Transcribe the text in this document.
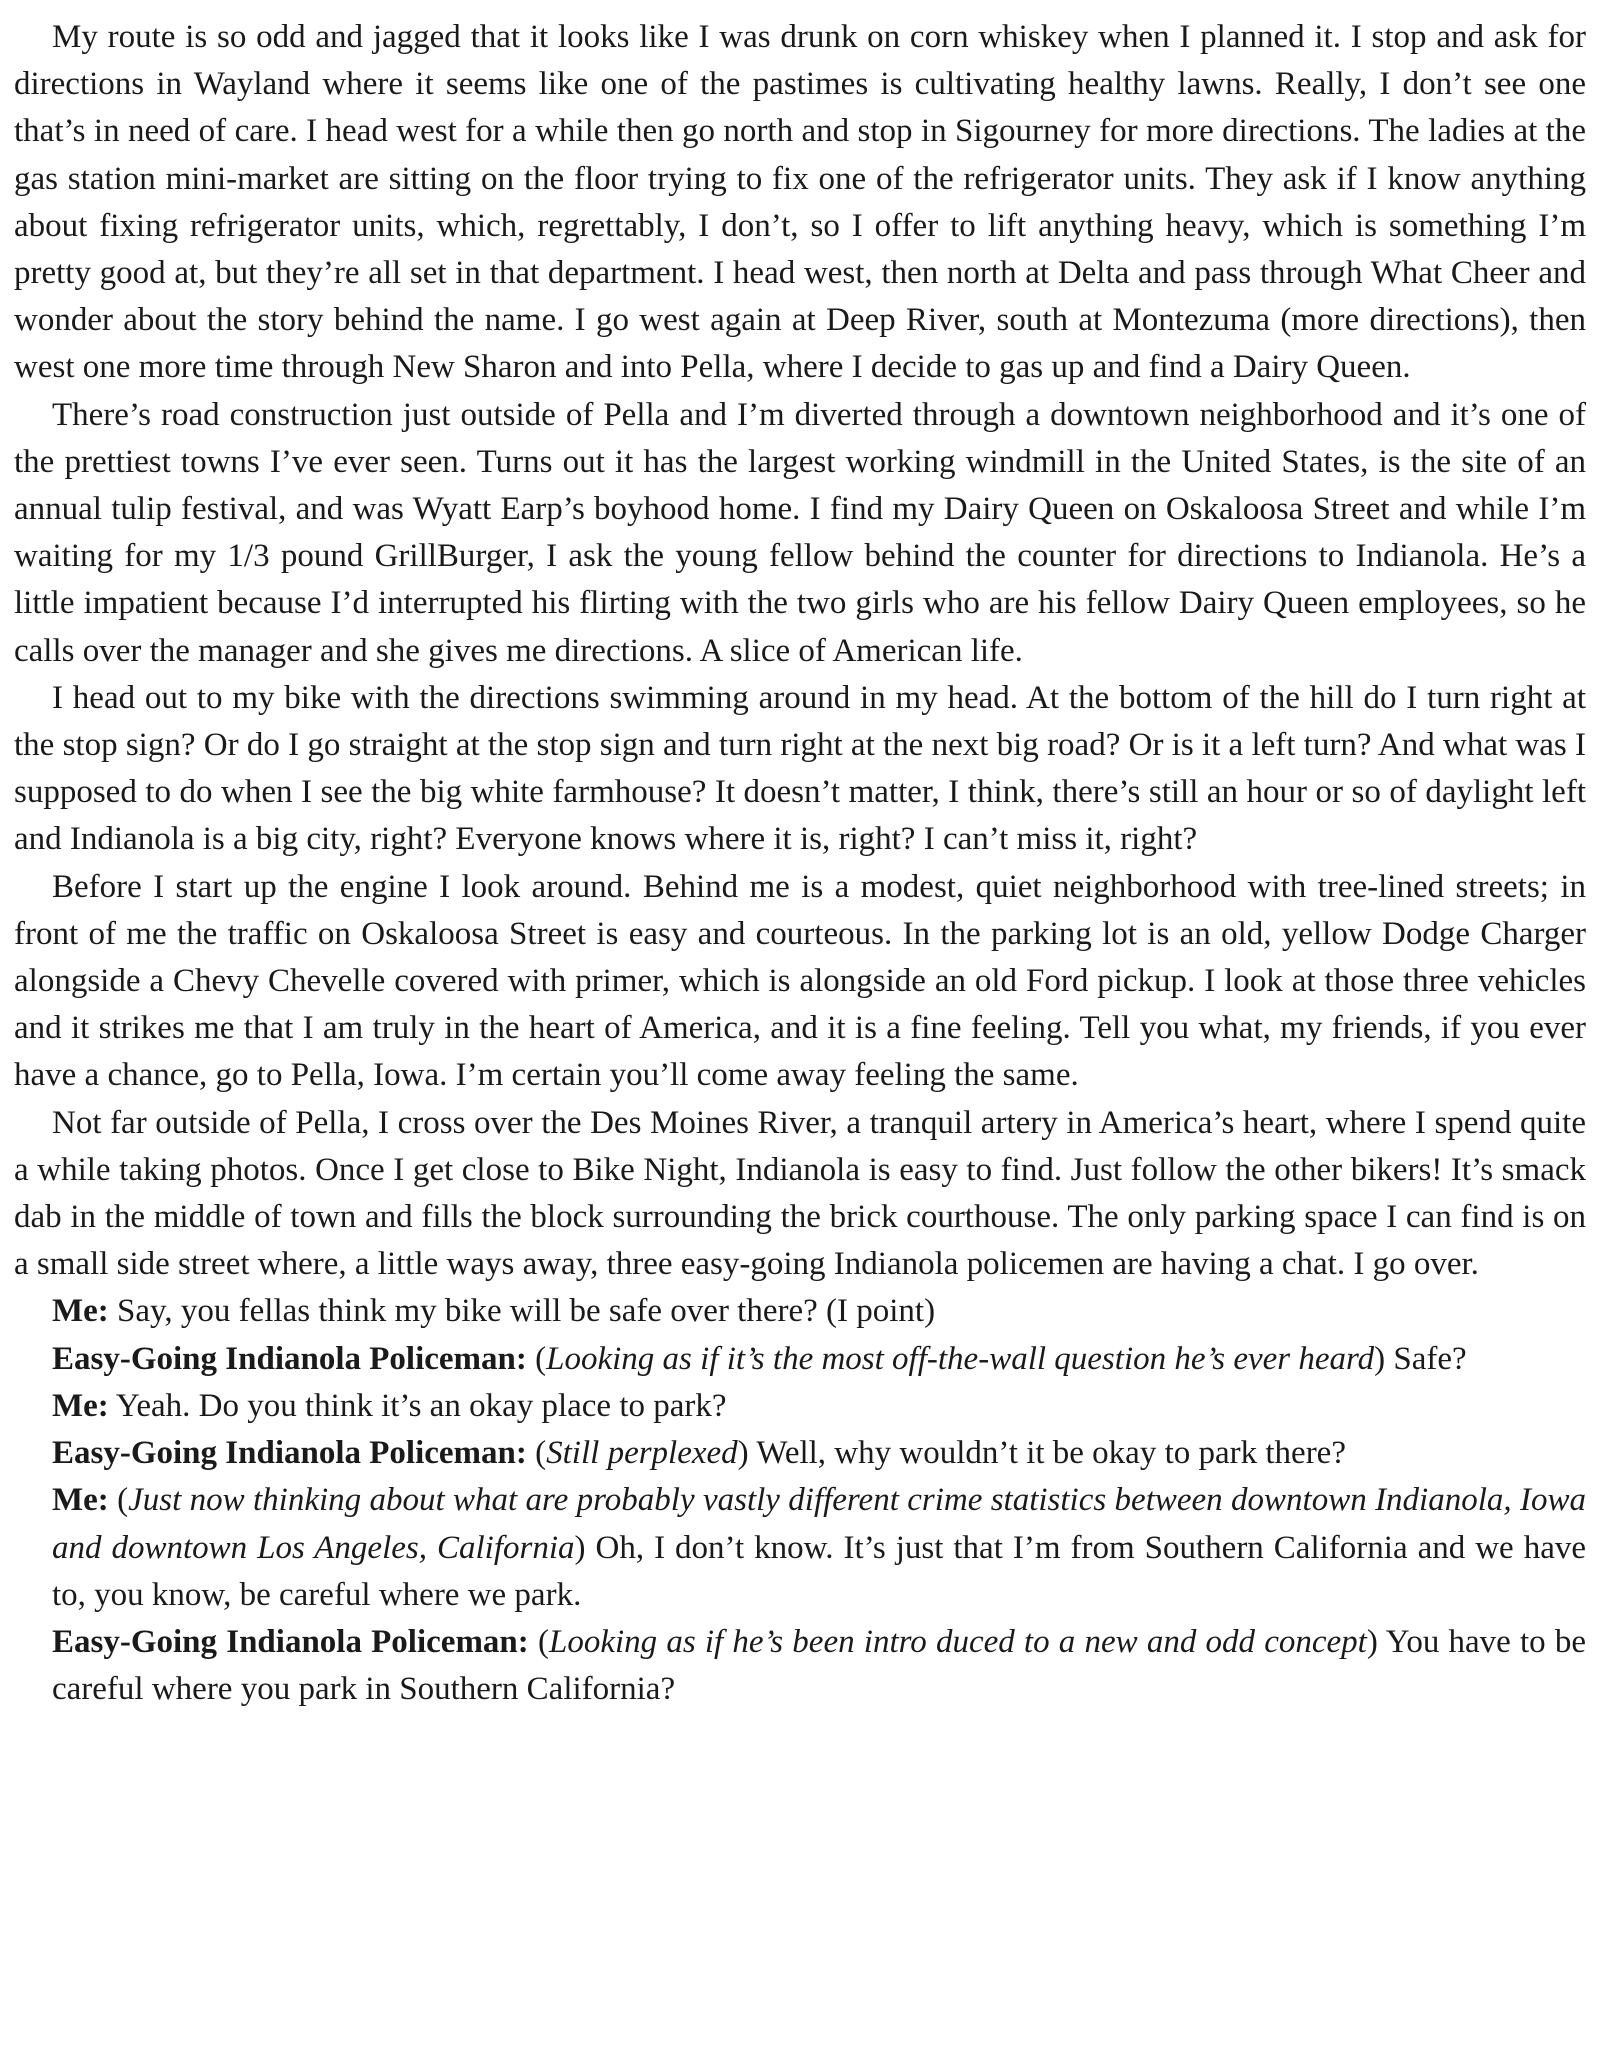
My route is so odd and jagged that it looks like I was drunk on corn whiskey when I planned it. I stop and ask for directions in Wayland where it seems like one of the pastimes is cultivating healthy lawns. Really, I don’t see one that’s in need of care. I head west for a while then go north and stop in Sigourney for more directions. The ladies at the gas station mini-market are sitting on the floor trying to fix one of the refrigerator units. They ask if I know anything about fixing refrigerator units, which, regrettably, I don’t, so I offer to lift anything heavy, which is something I’m pretty good at, but they’re all set in that department. I head west, then north at Delta and pass through What Cheer and wonder about the story behind the name. I go west again at Deep River, south at Montezuma (more directions), then west one more time through New Sharon and into Pella, where I decide to gas up and find a Dairy Queen.

There’s road construction just outside of Pella and I’m diverted through a downtown neighborhood and it’s one of the prettiest towns I’ve ever seen. Turns out it has the largest working windmill in the United States, is the site of an annual tulip festival, and was Wyatt Earp’s boyhood home. I find my Dairy Queen on Oskaloosa Street and while I’m waiting for my 1/3 pound GrillBurger, I ask the young fellow behind the counter for directions to Indianola. He’s a little impatient because I’d interrupted his flirting with the two girls who are his fellow Dairy Queen employees, so he calls over the manager and she gives me directions. A slice of American life.

I head out to my bike with the directions swimming around in my head. At the bottom of the hill do I turn right at the stop sign? Or do I go straight at the stop sign and turn right at the next big road? Or is it a left turn? And what was I supposed to do when I see the big white farmhouse? It doesn’t matter, I think, there’s still an hour or so of daylight left and Indianola is a big city, right? Everyone knows where it is, right? I can’t miss it, right?

Before I start up the engine I look around. Behind me is a modest, quiet neighborhood with tree-lined streets; in front of me the traffic on Oskaloosa Street is easy and courteous. In the parking lot is an old, yellow Dodge Charger alongside a Chevy Chevelle covered with primer, which is alongside an old Ford pickup. I look at those three vehicles and it strikes me that I am truly in the heart of America, and it is a fine feeling. Tell you what, my friends, if you ever have a chance, go to Pella, Iowa. I’m certain you’ll come away feeling the same.

Not far outside of Pella, I cross over the Des Moines River, a tranquil artery in America’s heart, where I spend quite a while taking photos. Once I get close to Bike Night, Indianola is easy to find. Just follow the other bikers! It’s smack dab in the middle of town and fills the block surrounding the brick courthouse. The only parking space I can find is on a small side street where, a little ways away, three easy-going Indianola policemen are having a chat. I go over.

Me: Say, you fellas think my bike will be safe over there? (I point)

Easy-Going Indianola Policeman: (Looking as if it’s the most off-the-wall question he’s ever heard) Safe?

Me: Yeah. Do you think it’s an okay place to park?

Easy-Going Indianola Policeman: (Still perplexed) Well, why wouldn’t it be okay to park there?

Me: (Just now thinking about what are probably vastly different crime statistics between downtown Indianola, Iowa and downtown Los Angeles, California) Oh, I don’t know. It’s just that I’m from Southern California and we have to, you know, be careful where we park.

Easy-Going Indianola Policeman: (Looking as if he’s been intro duced to a new and odd concept) You have to be careful where you park in Southern California?
